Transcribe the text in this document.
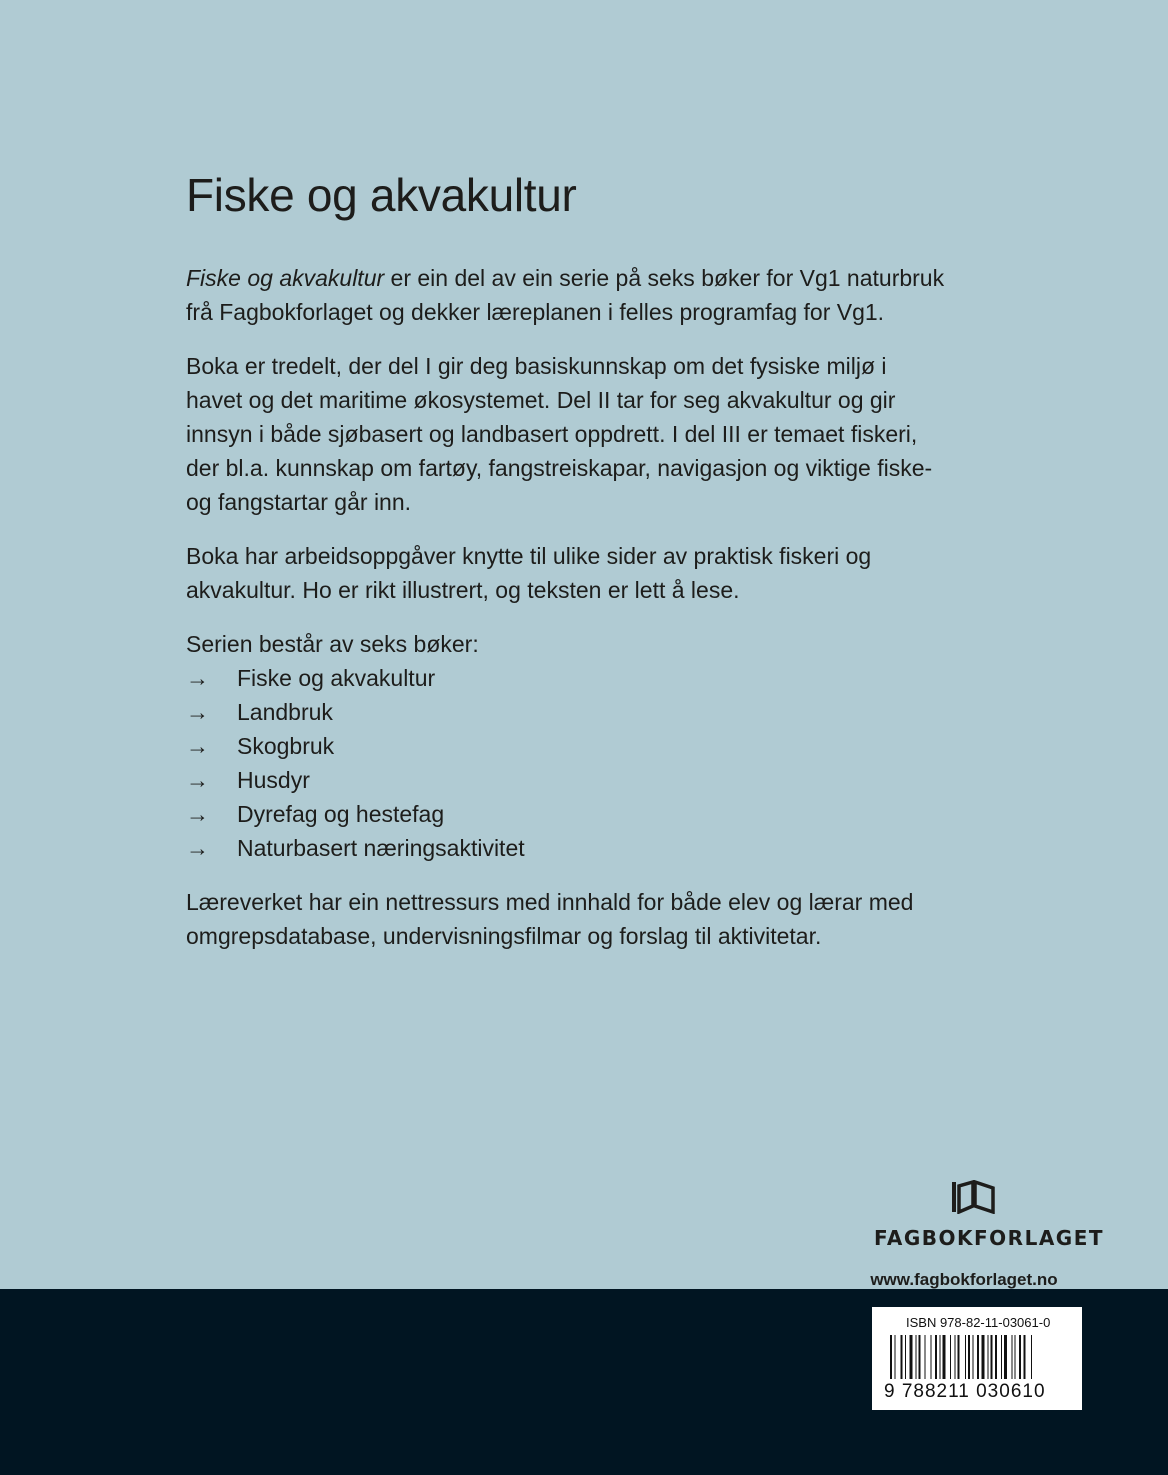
Fiske og akvakultur

Fiske og akvakultur er ein del av ein serie på seks bøker for Vg1 naturbruk frå Fagbokforlaget og dekker læreplanen i felles programfag for Vg1.

Boka er tredelt, der del I gir deg basiskunnskap om det fysiske miljø i havet og det maritime økosystemet. Del II tar for seg akvakultur og gir innsyn i både sjøbasert og landbasert oppdrett. I del III er temaet fiskeri, der bl.a. kunnskap om fartøy, fangstreiskapar, navigasjon og viktige fiske- og fangstartar går inn.

Boka har arbeidsoppgåver knytte til ulike sider av praktisk fiskeri og akvakultur. Ho er rikt illustrert, og teksten er lett å lese.

Serien består av seks bøker:

→	Fiske og akvakultur
→	Landbruk
→	Skogbruk
→	Husdyr
→	Dyrefag og hestefag
→	Naturbasert næringsaktivitet

Læreverket har ein nettressurs med innhald for både elev og lærar med omgrepsdatabase, undervisningsfilmar og forslag til aktivitetar.

FAGBOKFORLAGET
www.fagbokforlaget.no
ISBN 978-82-11-03061-0
9 788211 030610
